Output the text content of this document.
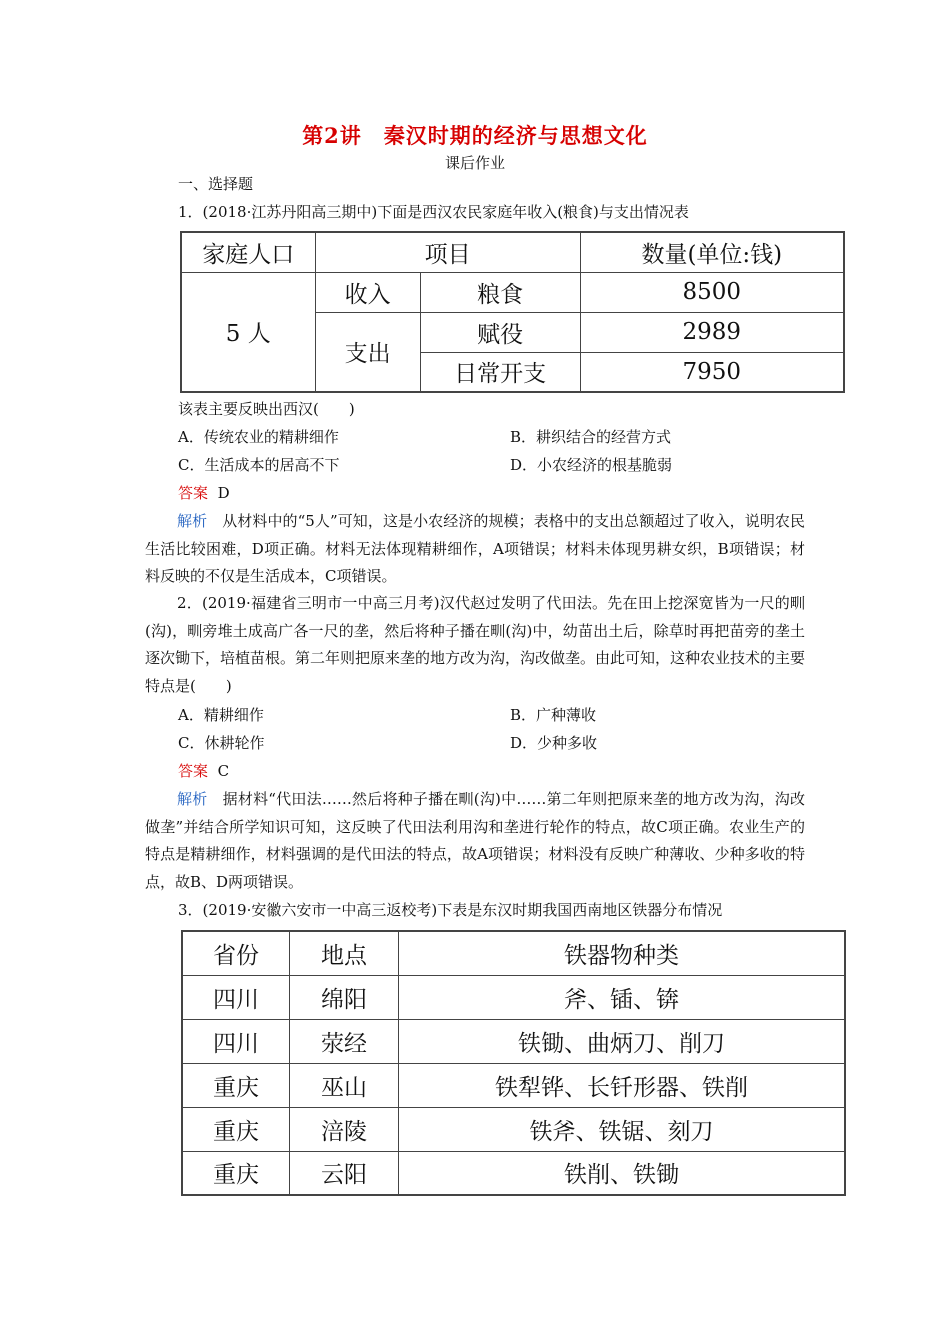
第2讲　秦汉时期的经济与思想文化
课后作业
一、选择题
1．(2018·江苏丹阳高三期中)下面是西汉农民家庭年收入(粮食)与支出情况表
家庭人口	项目		数量(单位:钱)
5 人	收入	粮食	8500
	支出	赋役	2989
		日常开支	7950
该表主要反映出西汉(　　)
A．传统农业的精耕细作	B．耕织结合的经营方式
C．生活成本的居高不下	D．小农经济的根基脆弱
答案 D
解析　 从材料中的“5人”可知，这是小农经济的规模；表格中的支出总额超过了收入，说明农民生活比较困难，D项正确。材料无法体现精耕细作，A项错误；材料未体现男耕女织，B项错误；材料反映的不仅是生活成本，C项错误。
2．(2019·福建省三明市一中高三月考)汉代赵过发明了代田法。先在田上挖深宽皆为一尺的甽(沟)，甽旁堆土成高广各一尺的垄，然后将种子播在甽(沟)中，幼苗出土后，除草时再把苗旁的垄土逐次锄下，培植苗根。第二年则把原来垄的地方改为沟，沟改做垄。由此可知，这种农业技术的主要特点是(　　)
A．精耕细作	B．广种薄收
C．休耕轮作	D．少种多收
答案 C
解析　 据材料“代田法……然后将种子播在甽(沟)中……第二年则把原来垄的地方改为沟，沟改做垄”并结合所学知识可知，这反映了代田法利用沟和垄进行轮作的特点，故C项正确。农业生产的特点是精耕细作，材料强调的是代田法的特点，故A项错误；材料没有反映广种薄收、少种多收的特点，故B、D两项错误。
3．(2019·安徽六安市一中高三返校考)下表是东汉时期我国西南地区铁器分布情况
省份	地点	铁器物种类
四川	绵阳	斧、锸、锛
四川	荥经	铁锄、曲炳刀、削刀
重庆	巫山	铁犁铧、长钎形器、铁削
重庆	涪陵	铁斧、铁锯、刻刀
重庆	云阳	铁削、铁锄
